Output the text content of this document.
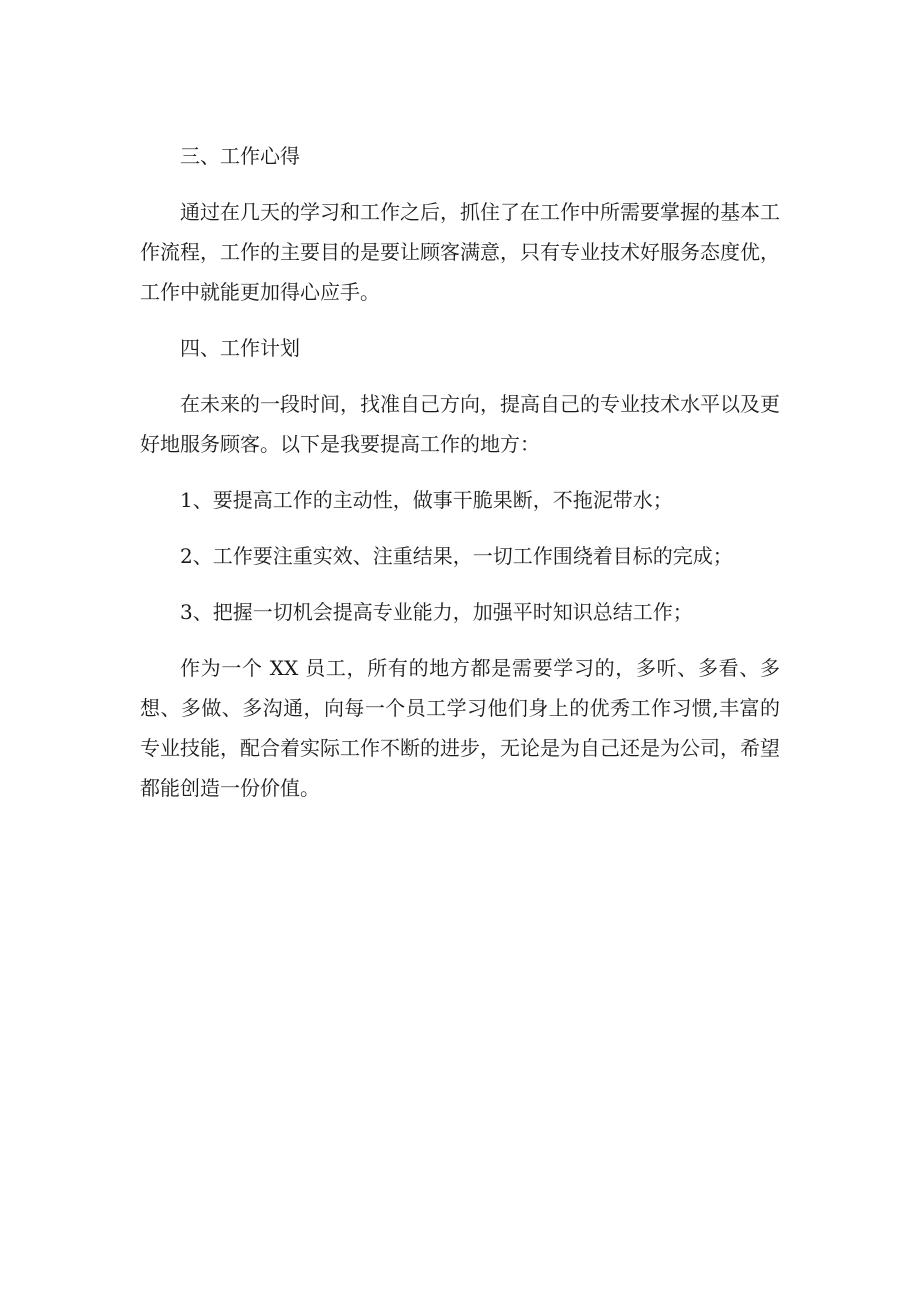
三、工作心得

通过在几天的学习和工作之后，抓住了在工作中所需要掌握的基本工作流程，工作的主要目的是要让顾客满意，只有专业技术好服务态度优，工作中就能更加得心应手。

四、工作计划

在未来的一段时间，找准自己方向，提高自己的专业技术水平以及更好地服务顾客。以下是我要提高工作的地方：

1、要提高工作的主动性，做事干脆果断，不拖泥带水；

2、工作要注重实效、注重结果，一切工作围绕着目标的完成；

3、把握一切机会提高专业能力，加强平时知识总结工作；

作为一个 XX 员工，所有的地方都是需要学习的，多听、多看、多想、多做、多沟通，向每一个员工学习他们身上的优秀工作习惯,丰富的专业技能，配合着实际工作不断的进步，无论是为自己还是为公司，希望都能创造一份价值。
